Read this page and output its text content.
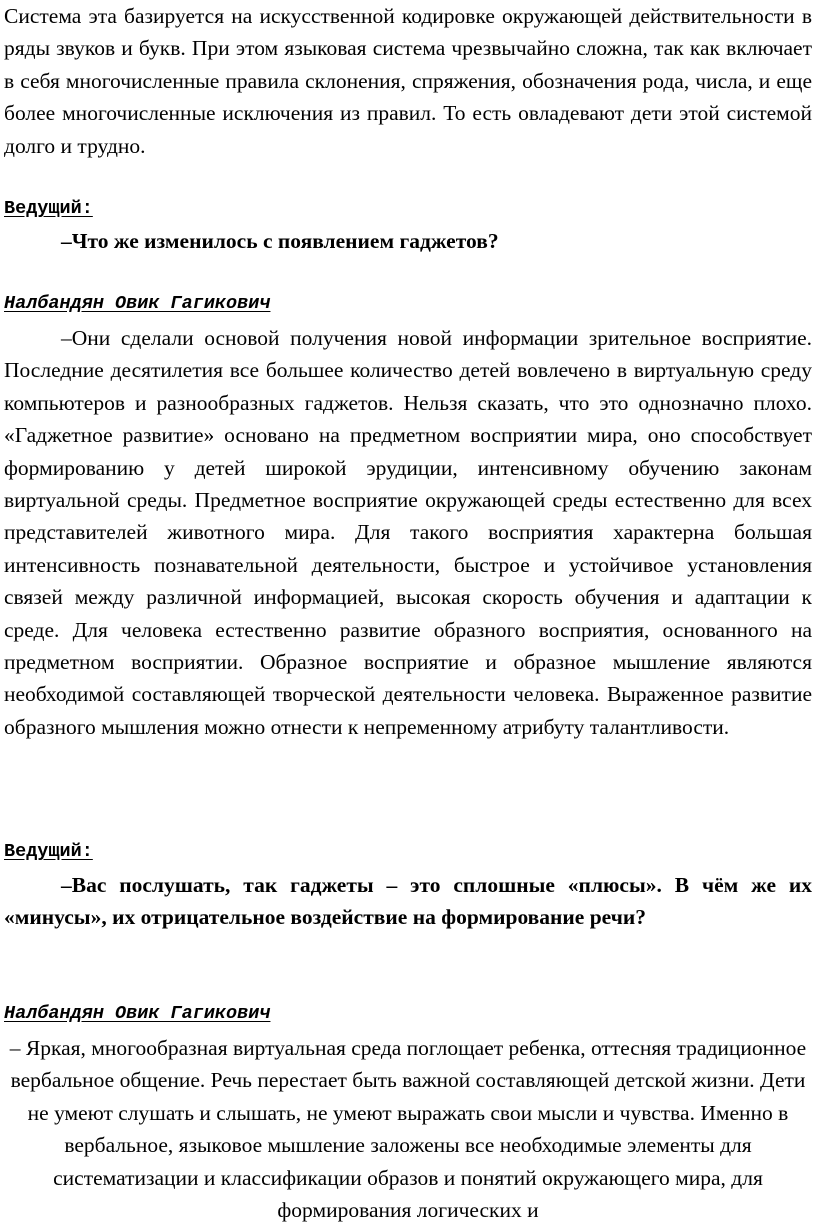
Система эта базируется на искусственной кодировке окружающей действительности в ряды звуков и букв. При этом языковая система чрезвычайно сложна, так как включает в себя многочисленные правила склонения, спряжения, обозначения рода, числа, и еще более многочисленные исключения из правил. То есть овладевают дети этой системой долго и трудно.

Ведущий:

–Что же изменилось с появлением гаджетов?

Налбандян Овик Гагикович

–Они сделали основой получения новой информации зрительное восприятие. Последние десятилетия все большее количество детей вовлечено в виртуальную среду компьютеров и разнообразных гаджетов. Нельзя сказать, что это однозначно плохо. «Гаджетное развитие» основано на предметном восприятии мира, оно способствует формированию у детей широкой эрудиции, интенсивному обучению законам виртуальной среды. Предметное восприятие окружающей среды естественно для всех представителей животного мира. Для такого восприятия характерна большая интенсивность познавательной деятельности, быстрое и устойчивое установления связей между различной информацией, высокая скорость обучения и адаптации к среде. Для человека естественно развитие образного восприятия, основанного на предметном восприятии. Образное восприятие и образное мышление являются необходимой составляющей творческой деятельности человека. Выраженное развитие образного мышления можно отнести к непременному атрибуту талантливости.

Ведущий:

–Вас послушать, так гаджеты – это сплошные «плюсы». В чём же их «минусы», их отрицательное воздействие на формирование речи?

Налбандян Овик Гагикович

– Яркая, многообразная виртуальная среда поглощает ребенка, оттесняя традиционное вербальное общение. Речь перестает быть важной составляющей детской жизни. Дети не умеют слушать и слышать, не умеют выражать свои мысли и чувства. Именно в вербальное, языковое мышление заложены все необходимые элементы для систематизации и классификации образов и понятий окружающего мира, для формирования логических и
